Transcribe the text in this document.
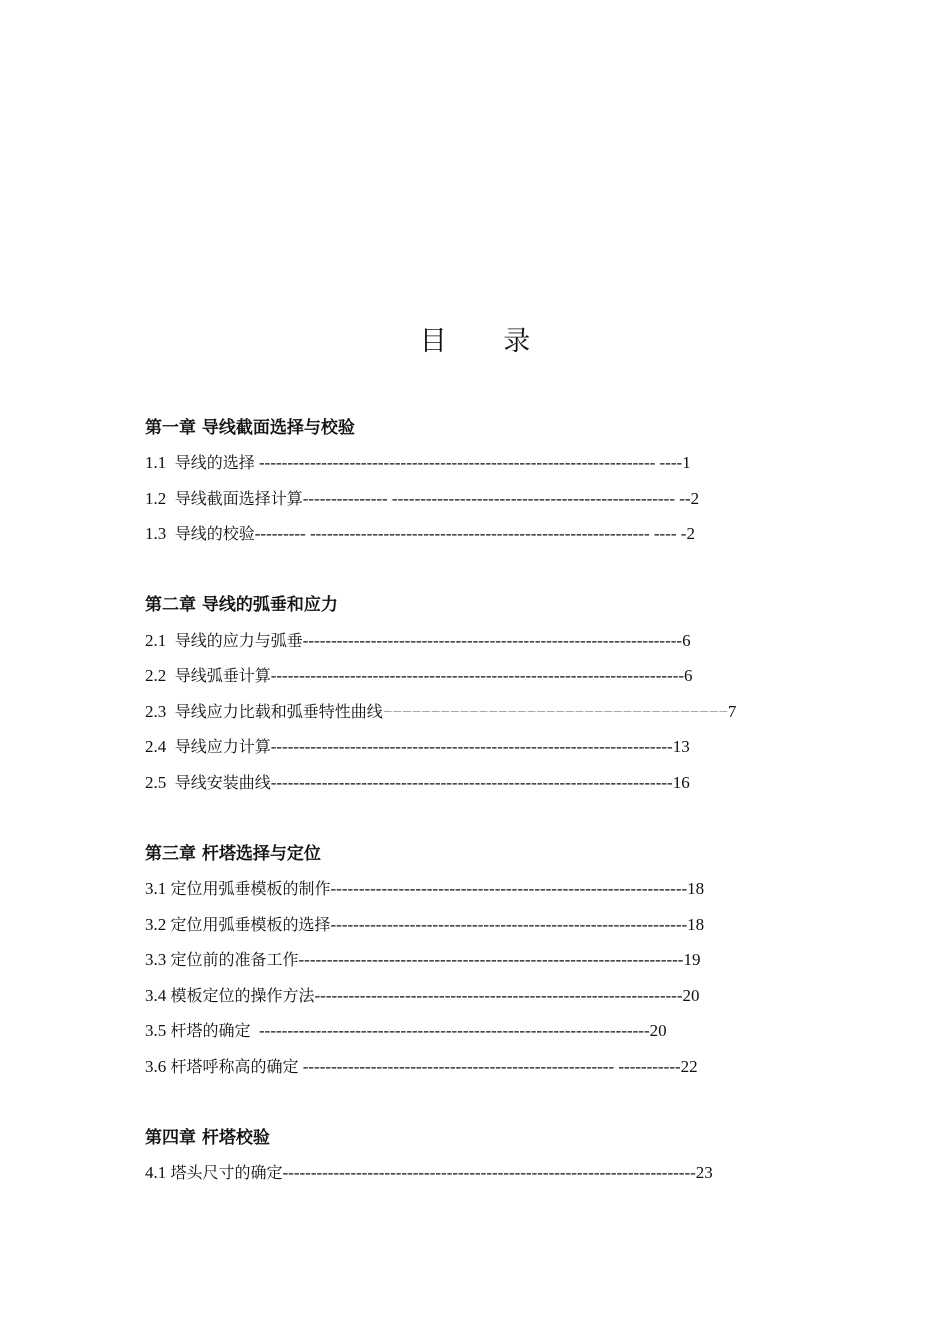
目 录
第一章 导线截面选择与校验
1.1  导线的选择 ---------------------------------------------------------------------- ----1
1.2  导线截面选择计算--------------- -------------------------------------------------- --2
1.3  导线的校验--------- ------------------------------------------------------------ ---- -2
第二章 导线的弧垂和应力
2.1  导线的应力与弧垂-------------------------------------------------------------------6
2.2  导线弧垂计算-------------------------------------------------------------------------6
2.3  导线应力比载和弧垂特性曲线−−−−−−−−−−−−−−−−−−−−−−−−−−−−−−−−−−−−7
2.4  导线应力计算-----------------------------------------------------------------------13
2.5  导线安装曲线-----------------------------------------------------------------------16
第三章 杆塔选择与定位
3.1 定位用弧垂模板的制作---------------------------------------------------------------18
3.2 定位用弧垂模板的选择---------------------------------------------------------------18
3.3 定位前的准备工作--------------------------------------------------------------------19
3.4 模板定位的操作方法-----------------------------------------------------------------20
3.5 杆塔的确定  ---------------------------------------------------------------------20
3.6 杆塔呼称高的确定 ------------------------------------------------------- -----------22
第四章 杆塔校验
4.1 塔头尺寸的确定-------------------------------------------------------------------------23
